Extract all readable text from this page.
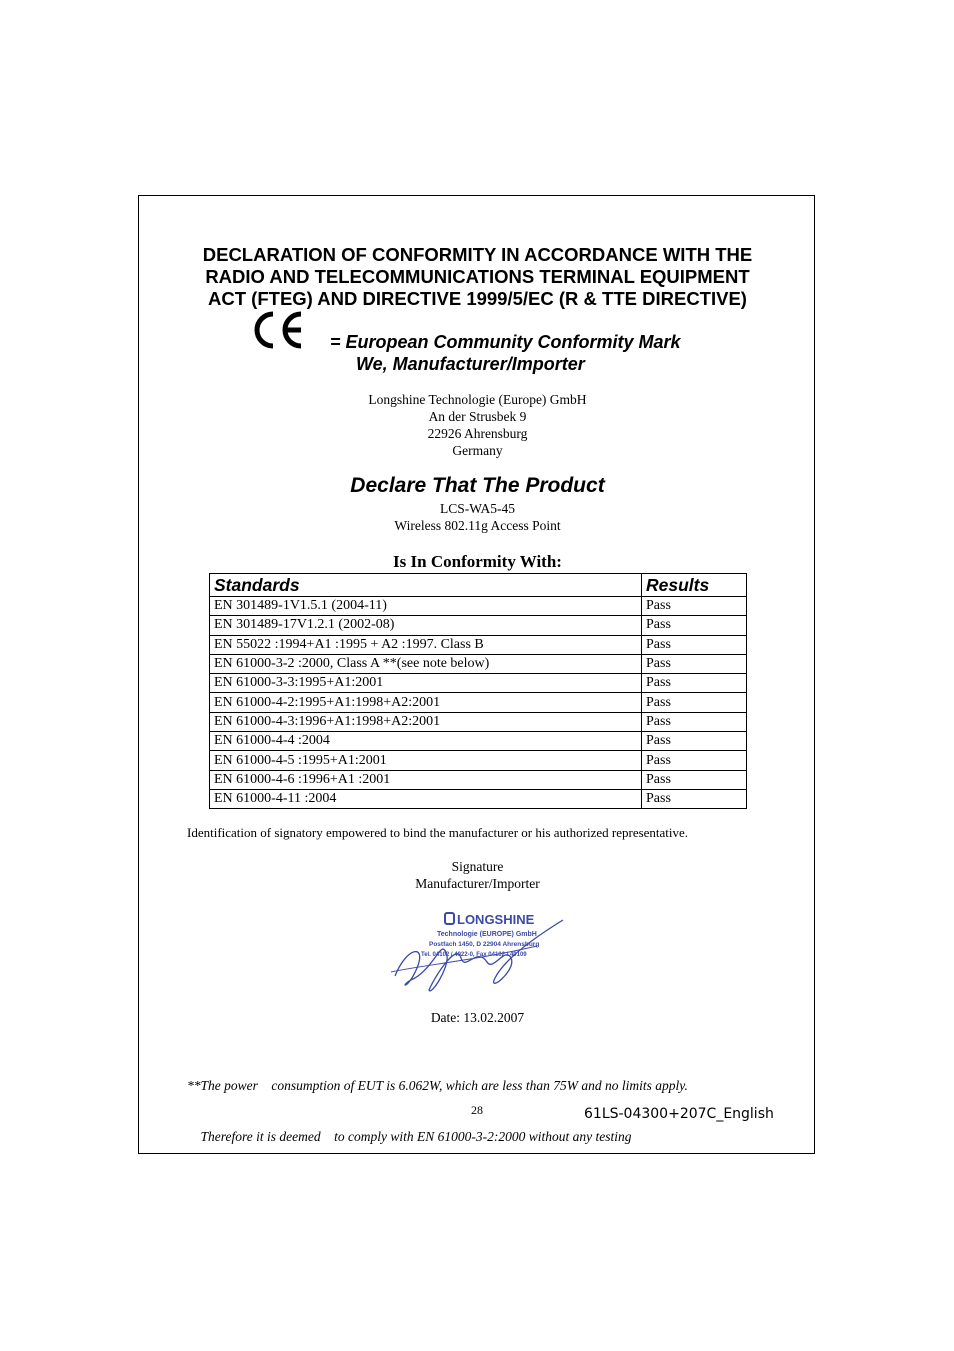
DECLARATION OF CONFORMITY IN ACCORDANCE WITH THE
RADIO AND TELECOMMUNICATIONS TERMINAL EQUIPMENT
ACT (FTEG) AND DIRECTIVE 1999/5/EC (R & TTE DIRECTIVE)
= European Community Conformity Mark
We, Manufacturer/Importer
Longshine Technologie (Europe) GmbH
An der Strusbek 9
22926 Ahrensburg
Germany
Declare That The Product
LCS-WA5-45
Wireless 802.11g Access Point
Is In Conformity With:
Standards	Results
EN 301489-1V1.5.1 (2004-11)	Pass
EN 301489-17V1.2.1 (2002-08)	Pass
EN 55022 :1994+A1 :1995 + A2 :1997. Class B	Pass
EN 61000-3-2 :2000, Class A **(see note below)	Pass
EN 61000-3-3:1995+A1:2001	Pass
EN 61000-4-2:1995+A1:1998+A2:2001	Pass
EN 61000-4-3:1996+A1:1998+A2:2001	Pass
EN 61000-4-4 :2004	Pass
EN 61000-4-5 :1995+A1:2001	Pass
EN 61000-4-6 :1996+A1 :2001	Pass
EN 61000-4-11 :2004	Pass
Identification of signatory empowered to bind the manufacturer or his authorized representative.
Signature
Manufacturer/Importer
LONGSHINE
Technologie (EUROPE) GmbH
Postfach 1450, D 22904 Ahrensburg
Tel. 04102 / 4922-0, Fax 04102 / 40109
Date: 13.02.2007

**The power    consumption of EUT is 6.062W, which are less than 75W and no limits apply.

Therefore it is deemed    to comply with EN 61000-3-2:2000 without any testing

28	61LS-04300+207C_English
